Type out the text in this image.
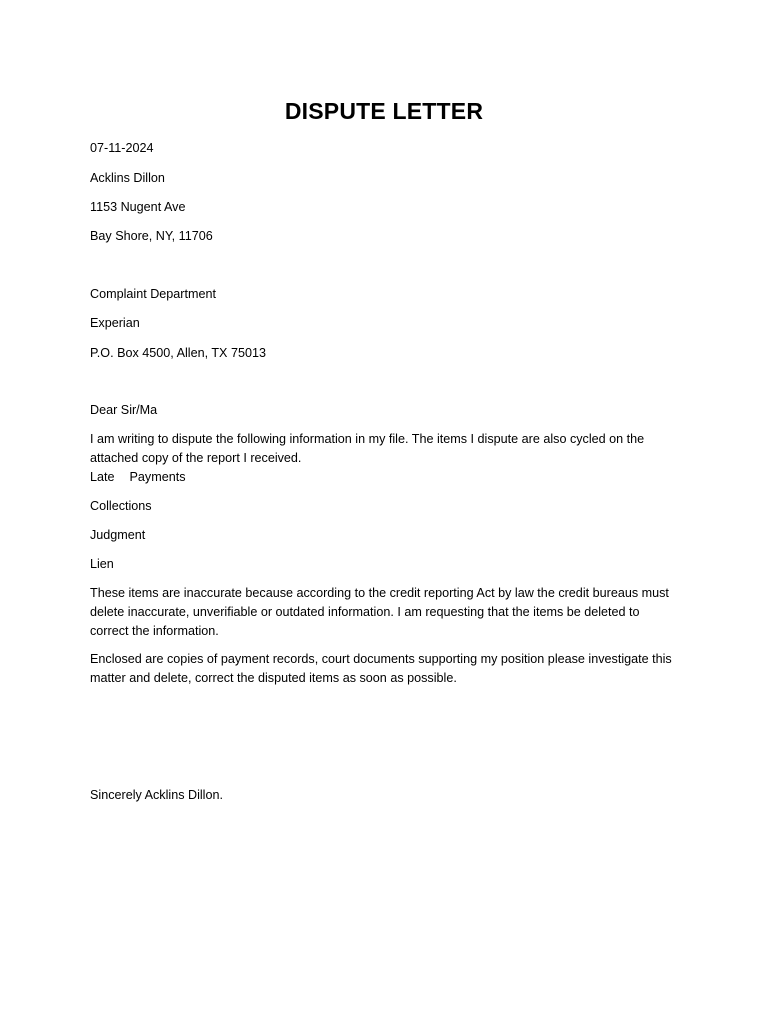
DISPUTE LETTER
07-11-2024
Acklins Dillon
1153 Nugent Ave
Bay Shore, NY, 11706
Complaint Department
Experian
P.O. Box 4500, Allen, TX 75013
Dear Sir/Ma
I am writing to dispute the following information in my file. The items I dispute are also cycled on the
attached copy of the report I received.
Late Payments
Collections
Judgment
Lien
These items are inaccurate because according to the credit reporting Act by law the credit bureaus must
delete inaccurate, unverifiable or outdated information. I am requesting that the items be deleted to
correct the information.
Enclosed are copies of payment records, court documents supporting my position please investigate this
matter and delete, correct the disputed items as soon as possible.
Sincerely Acklins Dillon.
